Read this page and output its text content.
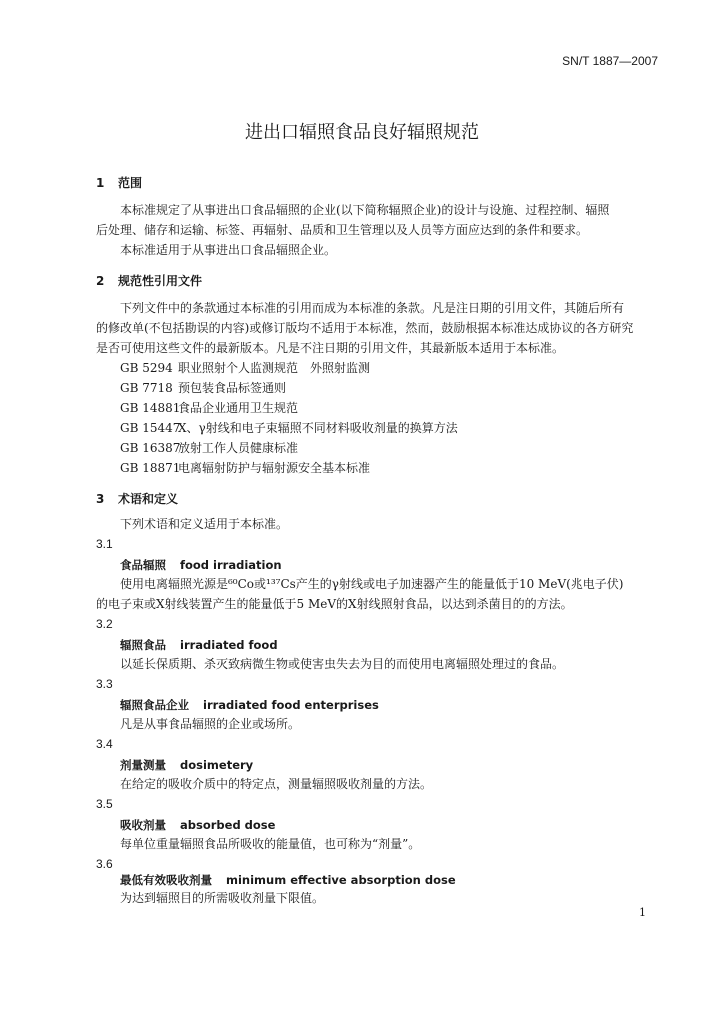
SN/T 1887—2007
进出口辐照食品良好辐照规范
1 范围
本标准规定了从事进出口食品辐照的企业(以下简称辐照企业)的设计与设施、过程控制、辐照
后处理、储存和运输、标签、再辐射、品质和卫生管理以及人员等方面应达到的条件和要求。
本标准适用于从事进出口食品辐照企业。
2 规范性引用文件
下列文件中的条款通过本标准的引用而成为本标准的条款。凡是注日期的引用文件，其随后所有
的修改单(不包括勘误的内容)或修订版均不适用于本标准，然而，鼓励根据本标准达成协议的各方研究
是否可使用这些文件的最新版本。凡是不注日期的引用文件，其最新版本适用于本标准。
GB 5294 职业照射个人监测规范　外照射监测
GB 7718 预包装食品标签通则
GB 14881食品企业通用卫生规范
GB 15447X、γ射线和电子束辐照不同材料吸收剂量的换算方法
GB 16387放射工作人员健康标准
GB 18871电离辐射防护与辐射源安全基本标准
3 术语和定义
下列术语和定义适用于本标准。
3.1
食品辐照 food irradiation
使用电离辐照光源是⁶⁰Co或¹³⁷Cs产生的γ射线或电子加速器产生的能量低于10 MeV(兆电子伏)
的电子束或X射线装置产生的能量低于5 MeV的X射线照射食品，以达到杀菌目的的方法。
3.2
辐照食品 irradiated food
以延长保质期、杀灭致病微生物或使害虫失去为目的而使用电离辐照处理过的食品。
3.3
辐照食品企业 irradiated food enterprises
凡是从事食品辐照的企业或场所。
3.4
剂量测量 dosimetery
在给定的吸收介质中的特定点，测量辐照吸收剂量的方法。
3.5
吸收剂量 absorbed dose
每单位重量辐照食品所吸收的能量值，也可称为“剂量”。
3.6
最低有效吸收剂量 minimum effective absorption dose
为达到辐照目的所需吸收剂量下限值。
1
